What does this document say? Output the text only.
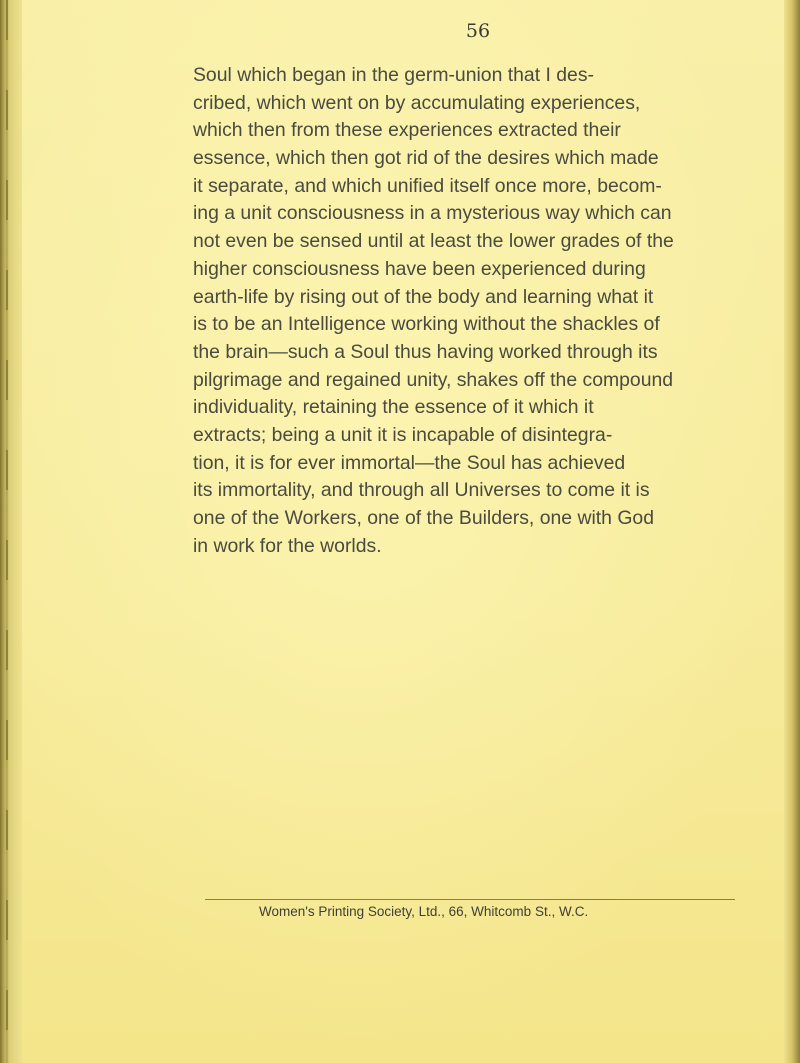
56
Soul which began in the germ-union that I des-
cribed, which went on by accumulating experiences,
which then from these experiences extracted their
essence, which then got rid of the desires which made
it separate, and which unified itself once more, becom-
ing a unit consciousness in a mysterious way which can
not even be sensed until at least the lower grades of the
higher consciousness have been experienced during
earth-life by rising out of the body and learning what it
is to be an Intelligence working without the shackles of
the brain—such a Soul thus having worked through its
pilgrimage and regained unity, shakes off the compound
individuality, retaining the essence of it which it
extracts; being a unit it is incapable of disintegra-
tion, it is for ever immortal—the Soul has achieved
its immortality, and through all Universes to come it is
one of the Workers, one of the Builders, one with God
in work for the worlds.
Women's Printing Society, Ltd., 66, Whitcomb St., W.C.
